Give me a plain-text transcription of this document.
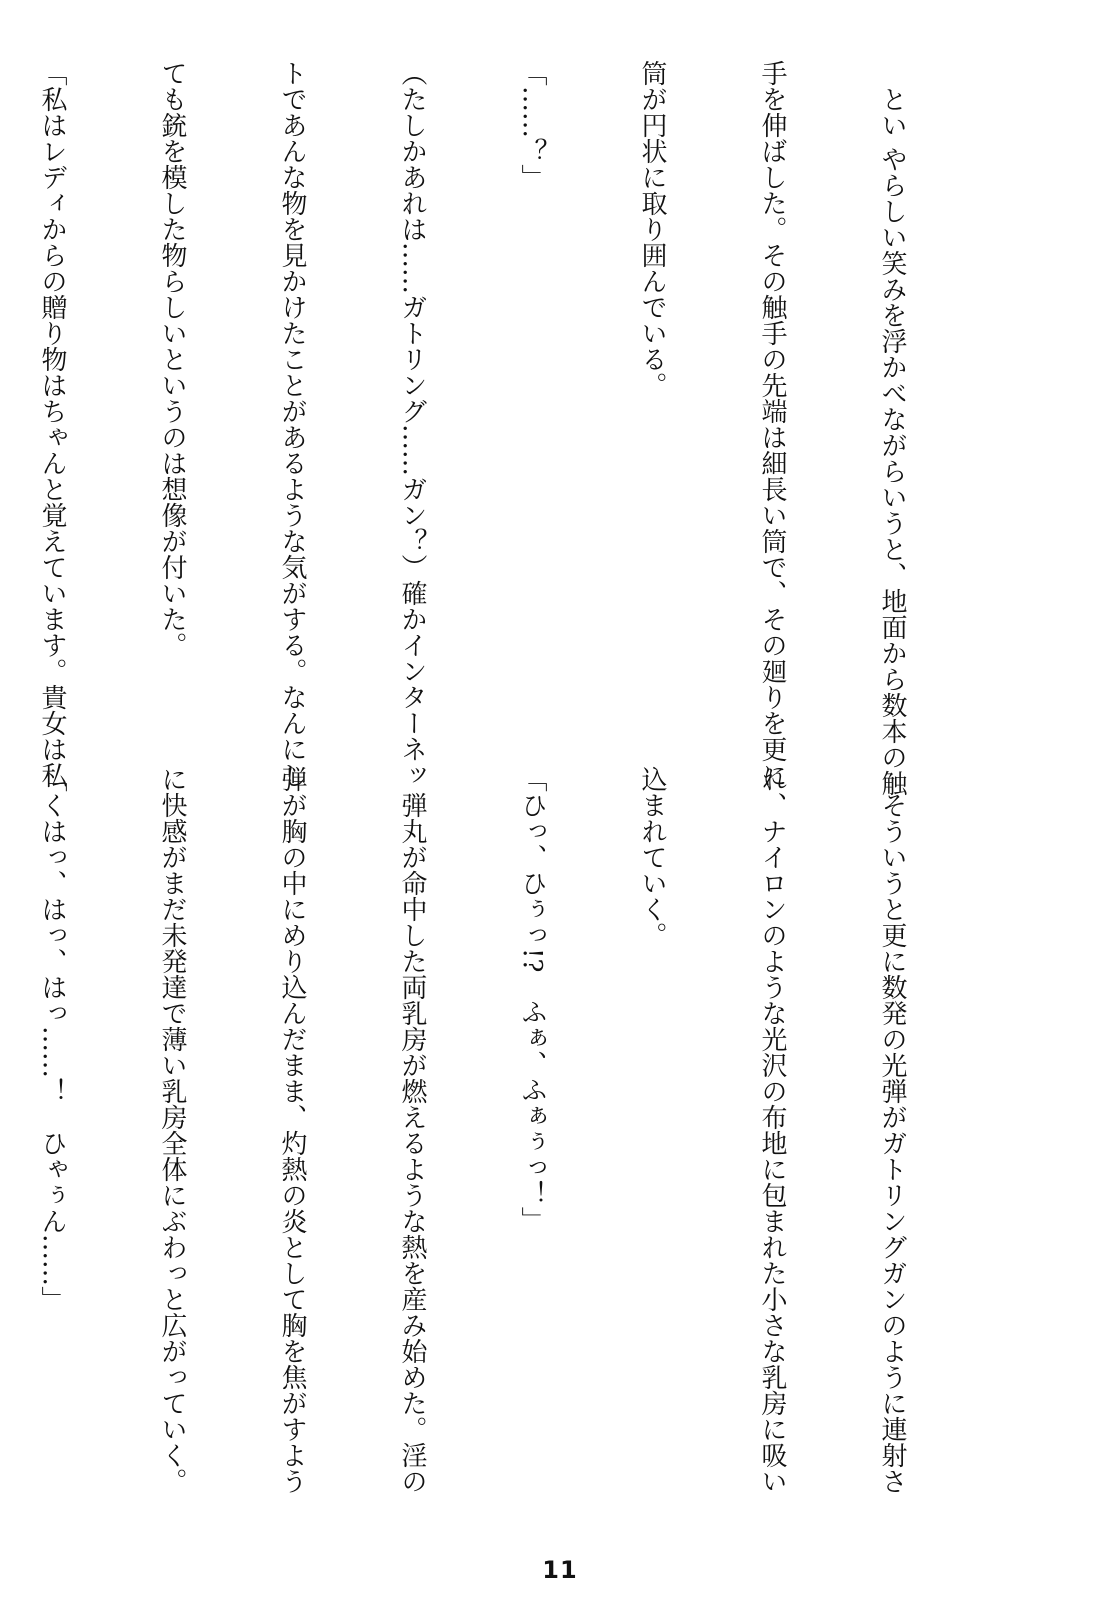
　とい やらしい笑みを浮かべながらいうと、地面から数本の触

手を伸ばした。その触手の先端は細長い筒で、その廻りを更に

筒が円状に取り囲んでいる。

「……？」

（たしかあれは……ガトリング……ガン？）確かインターネッ

トであんな物を見かけたことがあるような気がする。なんにし

ても銃を模した物らしいというのは想像が付いた。

「私はレディからの贈り物はちゃんと覚えています。貴女は私

　そういうと更に数発の光弾がガトリングガンのように連射さ

れ、ナイロンのような光沢の布地に包まれた小さな乳房に吸い

込まれていく。

「ひっ、ひぅっ!?　ふぁ、ふぁぅっ！」

　弾丸が命中した両乳房が燃えるような熱を産み始めた。淫の

弾が胸の中にめり込んだまま、灼熱の炎として胸を焦がすよう

に快感がまだ未発達で薄い乳房全体にぶわっと広がっていく。

「くはっ、はっ、はっ……！　ひゃぅん……」

11
